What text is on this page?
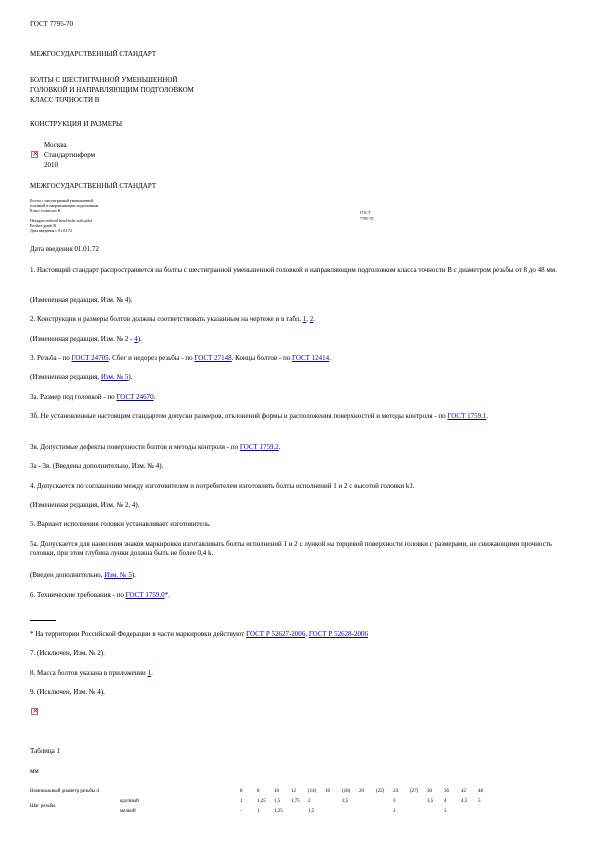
ГОСТ 7795-70
МЕЖГОСУДАРСТВЕННЫЙ СТАНДАРТ
БОЛТЫ С ШЕСТИГРАННОЙ УМЕНЬШЕННОЙ
ГОЛОВКОЙ И НАПРАВЛЯЮЩИМ ПОДГОЛОВКОМ
КЛАСС ТОЧНОСТИ В
КОНСТРУКЦИЯ И РАЗМЕРЫ
×
Москва
Стандартинформ
2010
МЕЖГОСУДАРСТВЕННЫЙ СТАНДАРТ
Болты с шестигранной уменьшенной
головкой и направляющим подголовком
Класс точности В
Hexagon reduced head bolts with pilot
Product grade B
ГОСТ
7795-70
Дата введения с 01.01.72
Дата введения 01.01.72
1. Настоящий стандарт распространяется на болты с шестигранной уменьшенной головкой и направляющим подголовком класса точности В с диаметром резьбы от 8 до 48 мм.
(Измененная редакция, Изм. № 4).
2. Конструкция и размеры болтов должны соответствовать указанным на чертеже и в табл. 1, 2.
(Измененная редакция, Изм. № 2 - 4).
3. Резьба - по ГОСТ 24705. Сбег и недорез резьбы - по ГОСТ 27148. Концы болтов - по ГОСТ 12414.
(Измененная редакция, Изм. № 5).
3а. Размер под головкой - по ГОСТ 24670.
3б. Не установленные настоящим стандартом допуски размеров, отклонений формы и расположения поверхностей и методы контроля - по ГОСТ 1759.1.
3в. Допустимые дефекты поверхности болтов и методы контроля - по ГОСТ 1759.2.
3а - 3в. (Введены дополнительно, Изм. № 4).
4. Допускается по соглашению между изготовителем и потребителем изготовлять болты исполнений 1 и 2 с высотой головки k1.
(Измененная редакция, Изм. № 2, 4).
5. Вариант исполнения головки устанавливает изготовитель.
5а. Допускается для нанесения знаков маркировки изготавливать болты исполнений 1 и 2 с лункой на торцевой поверхности головки с размерами, не снижающими прочность головки, при этом глубина лунки должна быть не более 0,4 k.
(Введен дополнительно, Изм. № 5).
6. Технические требования - по ГОСТ 1759.0*.
* На территории Российской Федерации в части маркировки действуют ГОСТ Р 52627-2006, ГОСТ Р 52628-2006
7. (Исключен, Изм. № 2).
8. Масса болтов указана в приложении 1.
9. (Исключен, Изм. № 4).
×
Таблица 1
мм
Номинальный диаметр резьбы d		8	8	10	12	(14)	16	(18)	20	(22)	24	(27)	30	36	42	48
Шаг резьбы	крупный	1	1,25	1,5	1,75	2		2,5			3		3,5	4	4,5	5
	мелкий	-	1	1,25		1,5					2			3		
